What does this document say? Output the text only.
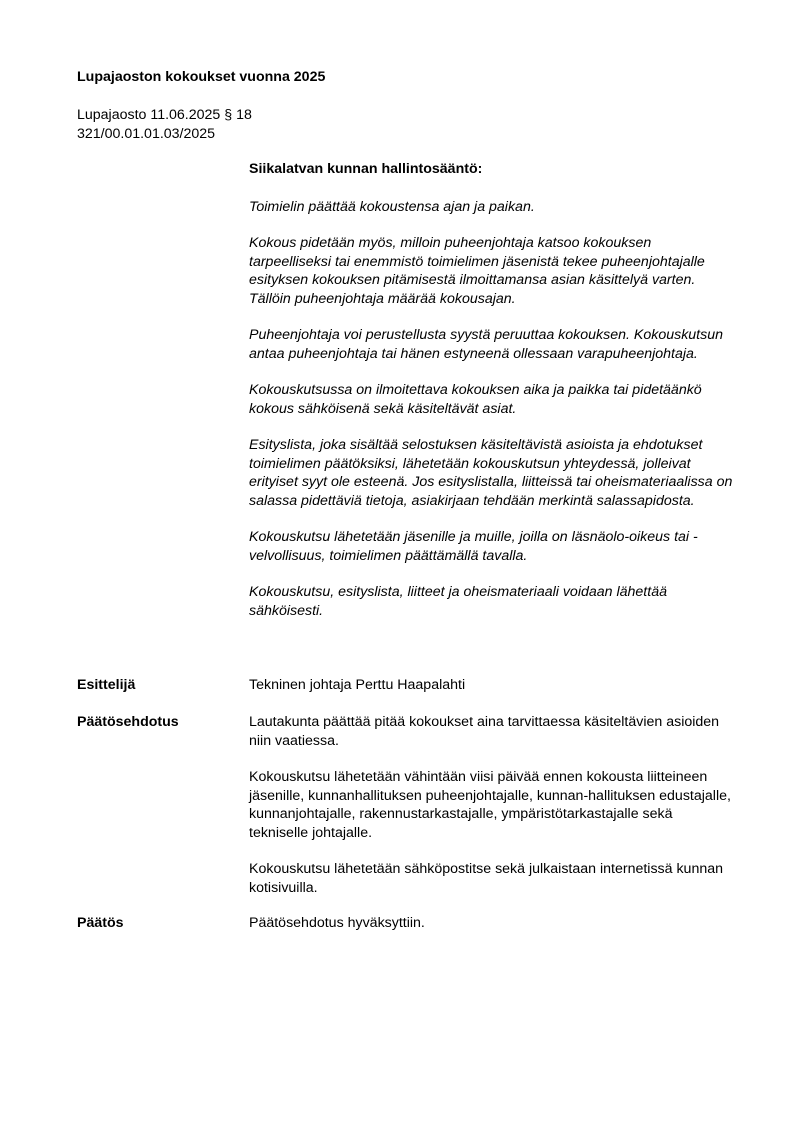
Lupajaoston kokoukset vuonna 2025
Lupajaosto 11.06.2025 § 18
321/00.01.01.03/2025
Siikalatvan kunnan hallintosääntö:

Toimielin päättää kokoustensa ajan ja paikan.

Kokous pidetään myös, milloin puheenjohtaja katsoo kokouksen tarpeelliseksi tai enemmistö toimielimen jäsenistä tekee puheenjohtajalle esityksen kokouksen pitämisestä ilmoittamansa asian käsittelyä varten. Tällöin puheenjohtaja määrää kokousajan.

Puheenjohtaja voi perustellusta syystä peruuttaa kokouksen. Kokouskutsun antaa puheenjohtaja tai hänen estyneenä ollessaan varapuheenjohtaja.

Kokouskutsussa on ilmoitettava kokouksen aika ja paikka tai pidetäänkö kokous sähköisenä sekä käsiteltävät asiat.

Esityslista, joka sisältää selostuksen käsiteltävistä asioista ja ehdotukset toimielimen päätöksiksi, lähetetään kokouskutsun yhteydessä, jolleivat erityiset syyt ole esteenä. Jos esityslistalla, liitteissä tai oheismateriaalissa on salassa pidettäviä tietoja, asiakirjaan tehdään merkintä salassapidosta.

Kokouskutsu lähetetään jäsenille ja muille, joilla on läsnäolo-oikeus tai - velvollisuus, toimielimen päättämällä tavalla.

Kokouskutsu, esityslista, liitteet ja oheismateriaali voidaan lähettää sähköisesti.

Esittelijä	Tekninen johtaja Perttu Haapalahti
Päätösehdotus	Lautakunta päättää pitää kokoukset aina tarvittaessa käsiteltävien asioiden niin vaatiessa.

Kokouskutsu lähetetään vähintään viisi päivää ennen kokousta liitteineen jäsenille, kunnanhallituksen puheenjohtajalle, kunnan-hallituksen edustajalle, kunnanjohtajalle, rakennustarkastajalle, ympäristötarkastajalle sekä tekniselle johtajalle.

Kokouskutsu lähetetään sähköpostitse sekä julkaistaan internetissä kunnan kotisivuilla.

Päätös	Päätösehdotus hyväksyttiin.
